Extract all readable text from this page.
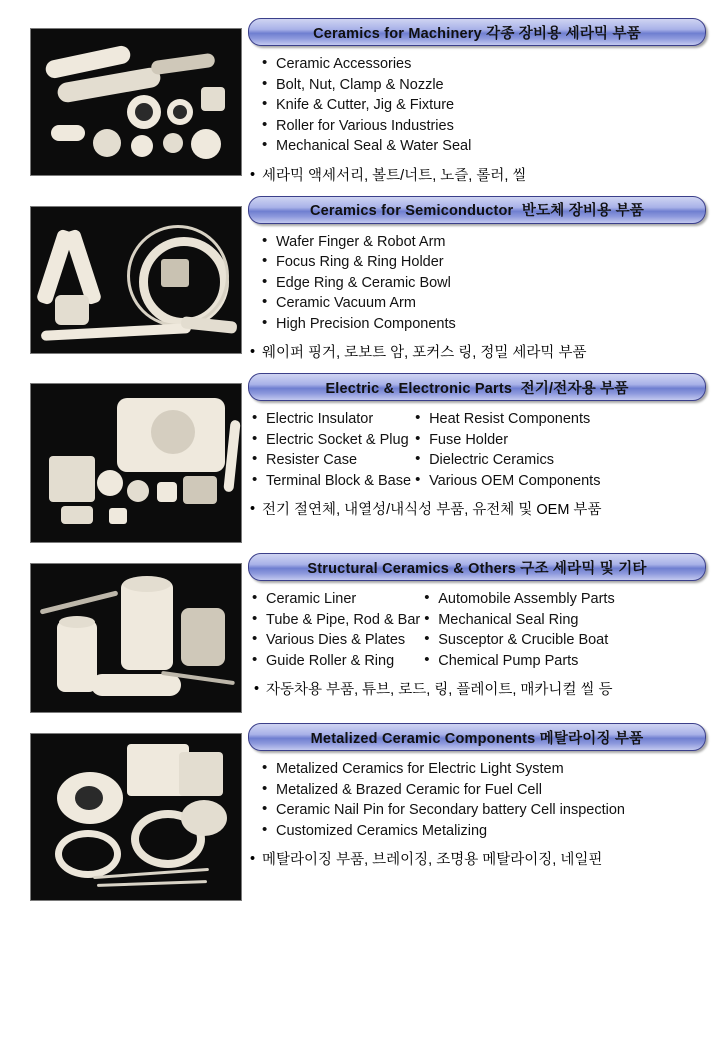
Ceramics for Machinery 각종 장비용 세라믹 부품
• Ceramic Accessories
• Bolt, Nut, Clamp & Nozzle
• Knife & Cutter, Jig & Fixture
• Roller for Various Industries
• Mechanical Seal & Water Seal
• 세라믹 액세서리, 볼트/너트, 노즐, 롤러, 씰
Ceramics for Semiconductor 반도체 장비용 부품
• Wafer Finger & Robot Arm
• Focus Ring & Ring Holder
• Edge Ring & Ceramic Bowl
• Ceramic Vacuum Arm
• High Precision Components
• 웨이퍼 핑거, 로보트 암, 포커스 링, 정밀 세라믹 부품
Electric & Electronic Parts 전기/전자용 부품
• Electric Insulator
• Electric Socket & Plug
• Resister Case
• Terminal Block & Base
• Heat Resist Components
• Fuse Holder
• Dielectric Ceramics
• Various OEM Components
• 전기 절연체, 내열성/내식성 부품, 유전체 및 OEM 부품
Structural Ceramics & Others 구조 세라믹 및 기타
• Ceramic Liner
• Tube & Pipe, Rod & Bar
• Various Dies & Plates
• Guide Roller & Ring
• Automobile Assembly Parts
• Mechanical Seal Ring
• Susceptor & Crucible Boat
• Chemical Pump Parts
• 자동차용 부품, 튜브, 로드, 링, 플레이트, 매카니컬 씰 등
Metalized Ceramic Components 메탈라이징 부품
• Metalized Ceramics for Electric Light System
• Metalized & Brazed Ceramic for Fuel Cell
• Ceramic Nail Pin for Secondary battery Cell inspection
• Customized Ceramics Metalizing
• 메탈라이징 부품, 브레이징, 조명용 메탈라이징, 네일핀
